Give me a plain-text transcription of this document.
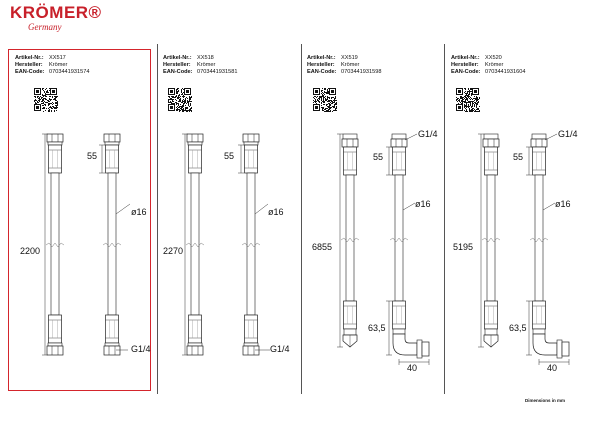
KRÖMER®
Germany
Artikel-Nr.: XX517
Hersteller: Krömer
EAN-Code: 0703441931574
Artikel-Nr.: XX518
Hersteller: Krömer
EAN-Code: 0703441931581
Artikel-Nr.: XX519
Hersteller: Krömer
EAN-Code: 0703441931598
Artikel-Nr.: XX520
Hersteller: Krömer
EAN-Code: 0703441931604
2200
55
ø16
G1/4
2270
55
ø16
G1/4
6855
55
ø16
G1/4
63,5
40
5195
55
ø16
G1/4
63,5
40
Dimensions in mm
